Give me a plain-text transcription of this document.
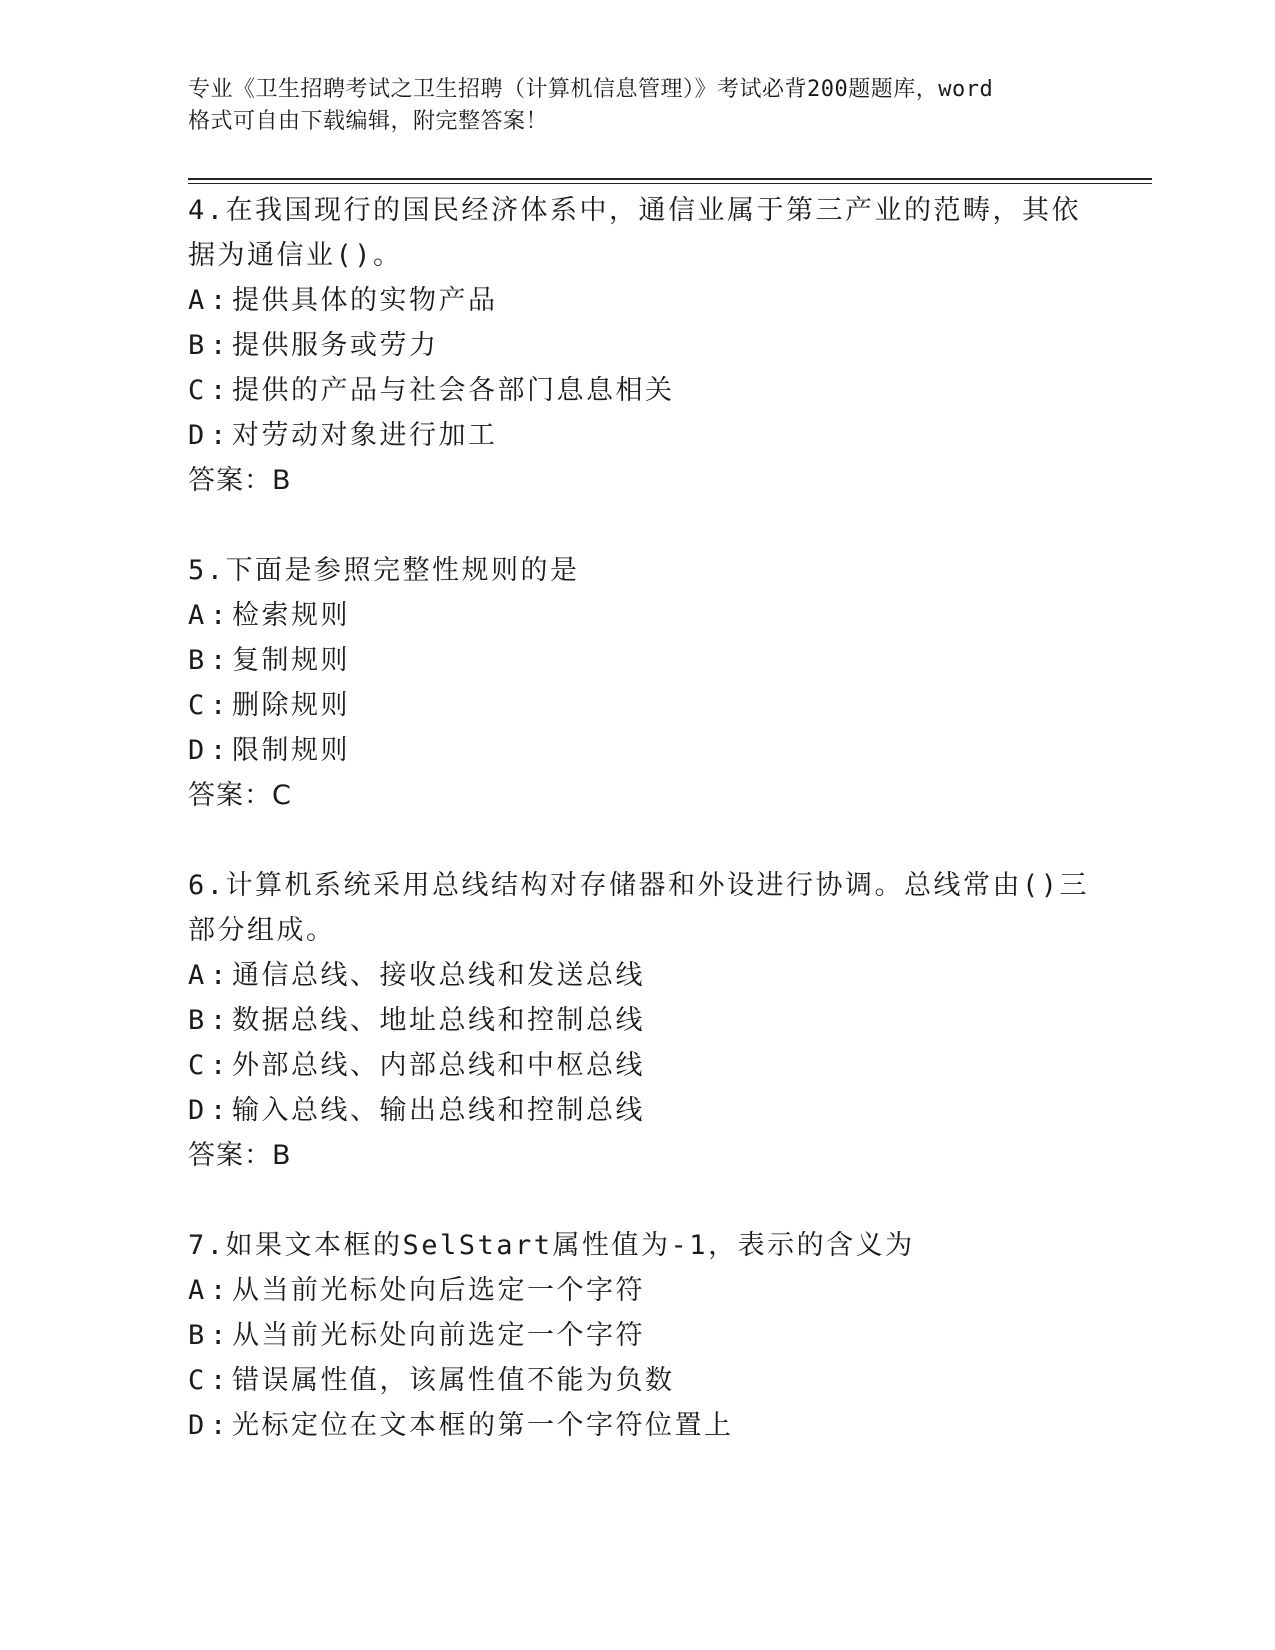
专业《卫生招聘考试之卫生招聘（计算机信息管理）》考试必背200题题库，word
格式可自由下载编辑，附完整答案！

4.在我国现行的国民经济体系中，通信业属于第三产业的范畴，其依

据为通信业()。

A : 提供具体的实物产品

B : 提供服务或劳力

C : 提供的产品与社会各部门息息相关

D : 对劳动对象进行加工

答案：B

5.下面是参照完整性规则的是

A : 检索规则

B : 复制规则

C : 删除规则

D : 限制规则

答案：C

6.计算机系统采用总线结构对存储器和外设进行协调。总线常由()三

部分组成。

A : 通信总线、接收总线和发送总线

B : 数据总线、地址总线和控制总线

C : 外部总线、内部总线和中枢总线

D : 输入总线、输出总线和控制总线

答案：B

7.如果文本框的SelStart属性值为-1，表示的含义为

A : 从当前光标处向后选定一个字符

B : 从当前光标处向前选定一个字符

C : 错误属性值，该属性值不能为负数

D : 光标定位在文本框的第一个字符位置上
